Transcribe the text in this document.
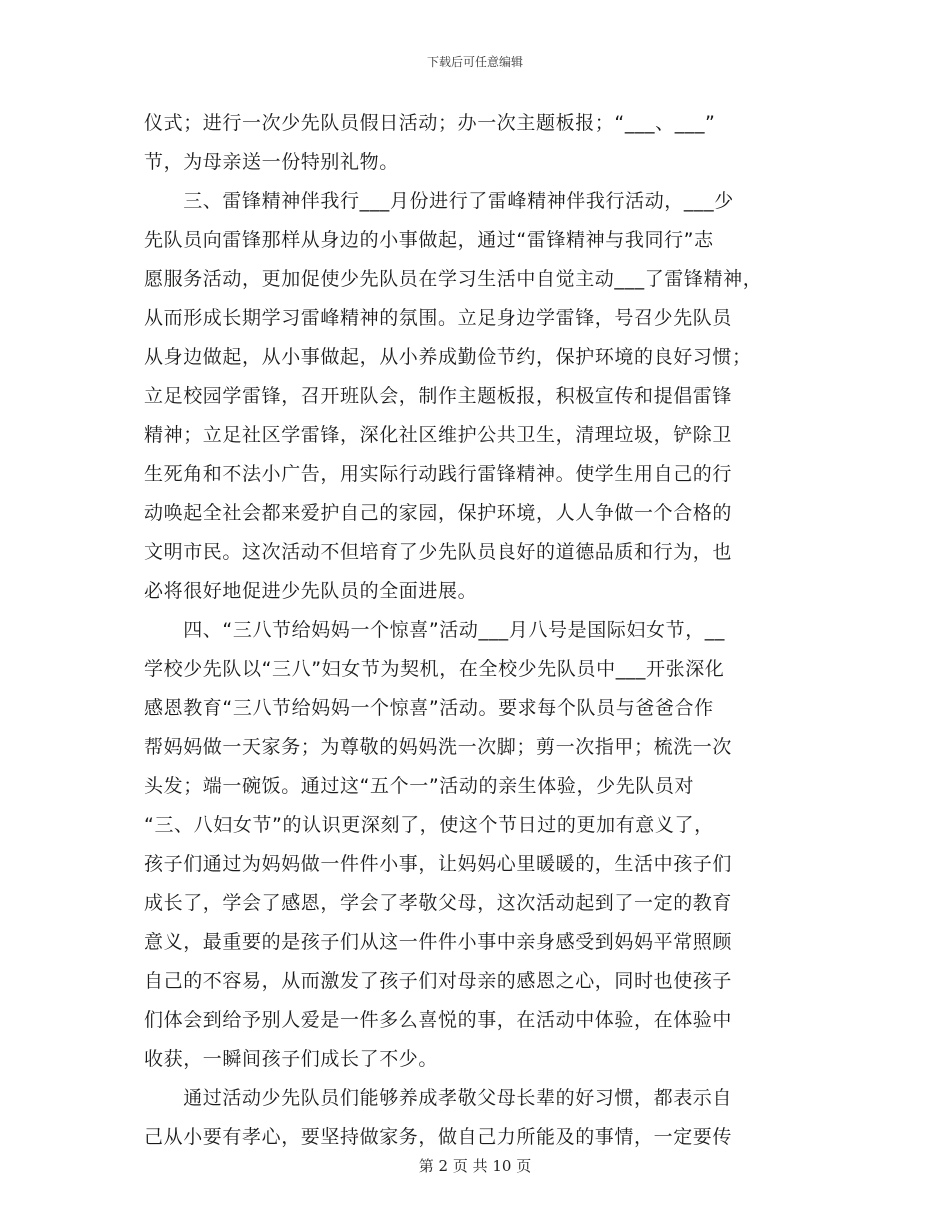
下载后可任意编辑
仪式；进行一次少先队员假日活动；办一次主题板报；“___、___”
节，为母亲送一份特别礼物。
　　三、雷锋精神伴我行___月份进行了雷峰精神伴我行活动，___少
先队员向雷锋那样从身边的小事做起，通过“雷锋精神与我同行”志
愿服务活动，更加促使少先队员在学习生活中自觉主动___了雷锋精神，
从而形成长期学习雷峰精神的氛围。立足身边学雷锋，号召少先队员
从身边做起，从小事做起，从小养成勤俭节约，保护环境的良好习惯；
立足校园学雷锋，召开班队会，制作主题板报，积极宣传和提倡雷锋
精神；立足社区学雷锋，深化社区维护公共卫生，清理垃圾，铲除卫
生死角和不法小广告，用实际行动践行雷锋精神。使学生用自己的行
动唤起全社会都来爱护自己的家园，保护环境，人人争做一个合格的
文明市民。这次活动不但培育了少先队员良好的道德品质和行为，也
必将很好地促进少先队员的全面进展。
　　四、“三八节给妈妈一个惊喜”活动___月八号是国际妇女节，__
学校少先队以“三八”妇女节为契机，在全校少先队员中___开张深化
感恩教育“三八节给妈妈一个惊喜”活动。要求每个队员与爸爸合作
帮妈妈做一天家务；为尊敬的妈妈洗一次脚；剪一次指甲；梳洗一次
头发；端一碗饭。通过这“五个一”活动的亲生体验，少先队员对
“三、八妇女节”的认识更深刻了，使这个节日过的更加有意义了，
孩子们通过为妈妈做一件件小事，让妈妈心里暖暖的，生活中孩子们
成长了，学会了感恩，学会了孝敬父母，这次活动起到了一定的教育
意义，最重要的是孩子们从这一件件小事中亲身感受到妈妈平常照顾
自己的不容易，从而激发了孩子们对母亲的感恩之心，同时也使孩子
们体会到给予别人爱是一件多么喜悦的事，在活动中体验，在体验中
收获，一瞬间孩子们成长了不少。
　　通过活动少先队员们能够养成孝敬父母长辈的好习惯，都表示自
己从小要有孝心，要坚持做家务，做自己力所能及的事情，一定要传
第 2 页 共 10 页
